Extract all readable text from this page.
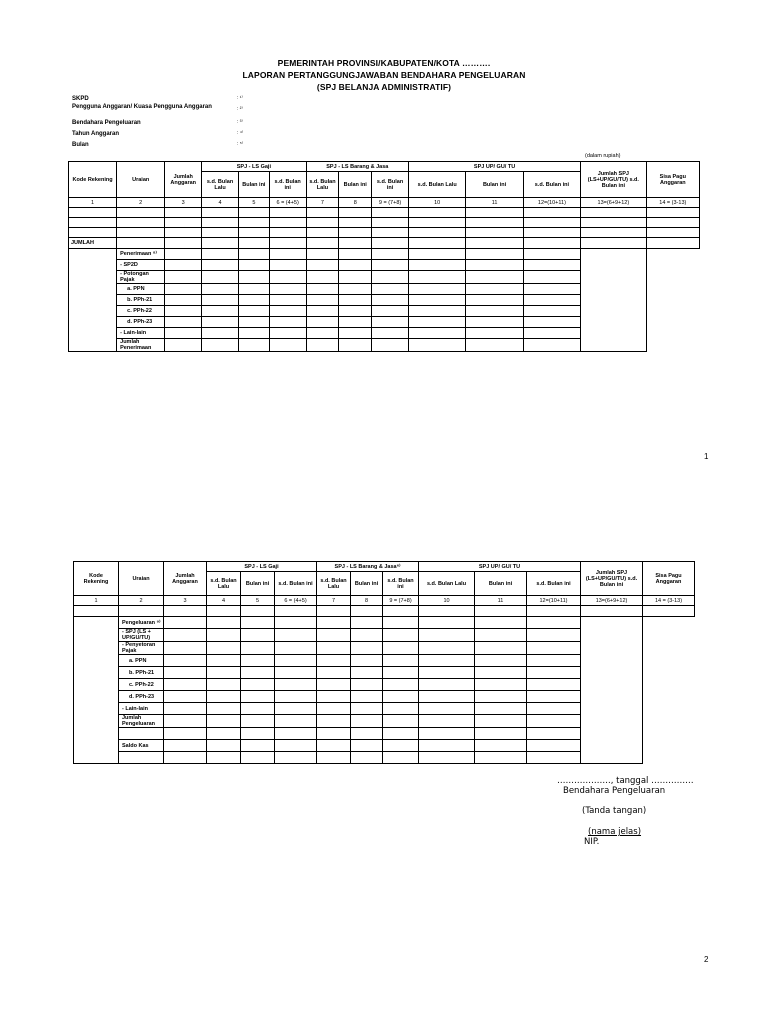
PEMERINTAH PROVINSI/KABUPATEN/KOTA ……….
LAPORAN PERTANGGUNGJAWABAN BENDAHARA PENGELUARAN
(SPJ BELANJA ADMINISTRATIF)
SKPD	: ¹⁾
Pengguna Anggaran/ Kuasa Pengguna Anggaran	: ²⁾
Bendahara Pengeluaran	: ³⁾
Tahun Anggaran	: ⁴⁾
Bulan	: ⁵⁾
(dalam rupiah)
Kode Rekening	Uraian	Jumlah Anggaran	SPJ - LS Gaji			SPJ - LS Barang & Jasa			SPJ UP/ GU/ TU			Jumlah SPJ (LS+UP/GU/TU) s.d. Bulan ini	Sisa Pagu Anggaran
			s.d. Bulan Lalu	Bulan ini	s.d. Bulan ini	s.d. Bulan Lalu	Bulan ini	s.d. Bulan ini	s.d. Bulan Lalu	Bulan ini	s.d. Bulan ini		
1	2	3	4	5	6 = (4+5)	7	8	9 = (7+8)	10	11	12=(10+11)	13=(6+9+12)	14 = (3-13)

JUMLAH													
	Penerimaan ⁸⁾												
	- SP2D												
	- Potongan Pajak												
	a. PPN												
	b. PPh-21												
	c. PPh-22												
	d. PPh-23												
	- Lain-lain												
	Jumlah Penerimaan												
1
Kode Rekening	Uraian	Jumlah Anggaran	SPJ - LS Gaji			SPJ - LS Barang & Jasa⁶⁾			SPJ UP/ GU/ TU			Jumlah SPJ (LS+UP/GU/TU) s.d. Bulan ini	Sisa Pagu Anggaran
			s.d. Bulan Lalu	Bulan ini	s.d. Bulan ini	s.d. Bulan Lalu	Bulan ini	s.d. Bulan ini	s.d. Bulan Lalu	Bulan ini	s.d. Bulan ini		
1	2	3	4	5	6 = (4+5)	7	8	9 = (7+8)	10	11	12=(10+11)	13=(6+9+12)	14 = (3-13)

	Pengeluaran ⁹⁾												
	- SPJ (LS + UP/GU/TU)												
	- Penyetoran Pajak												
	a. PPN												
	b. PPh-21												
	c. PPh-22												
	d. PPh-23												
	- Lain-lain												
	Jumlah Pengeluaran												

	Saldo Kas												

………………., tanggal ……………
Bendahara Pengeluaran
(Tanda tangan)
(nama jelas)
NIP.
2
